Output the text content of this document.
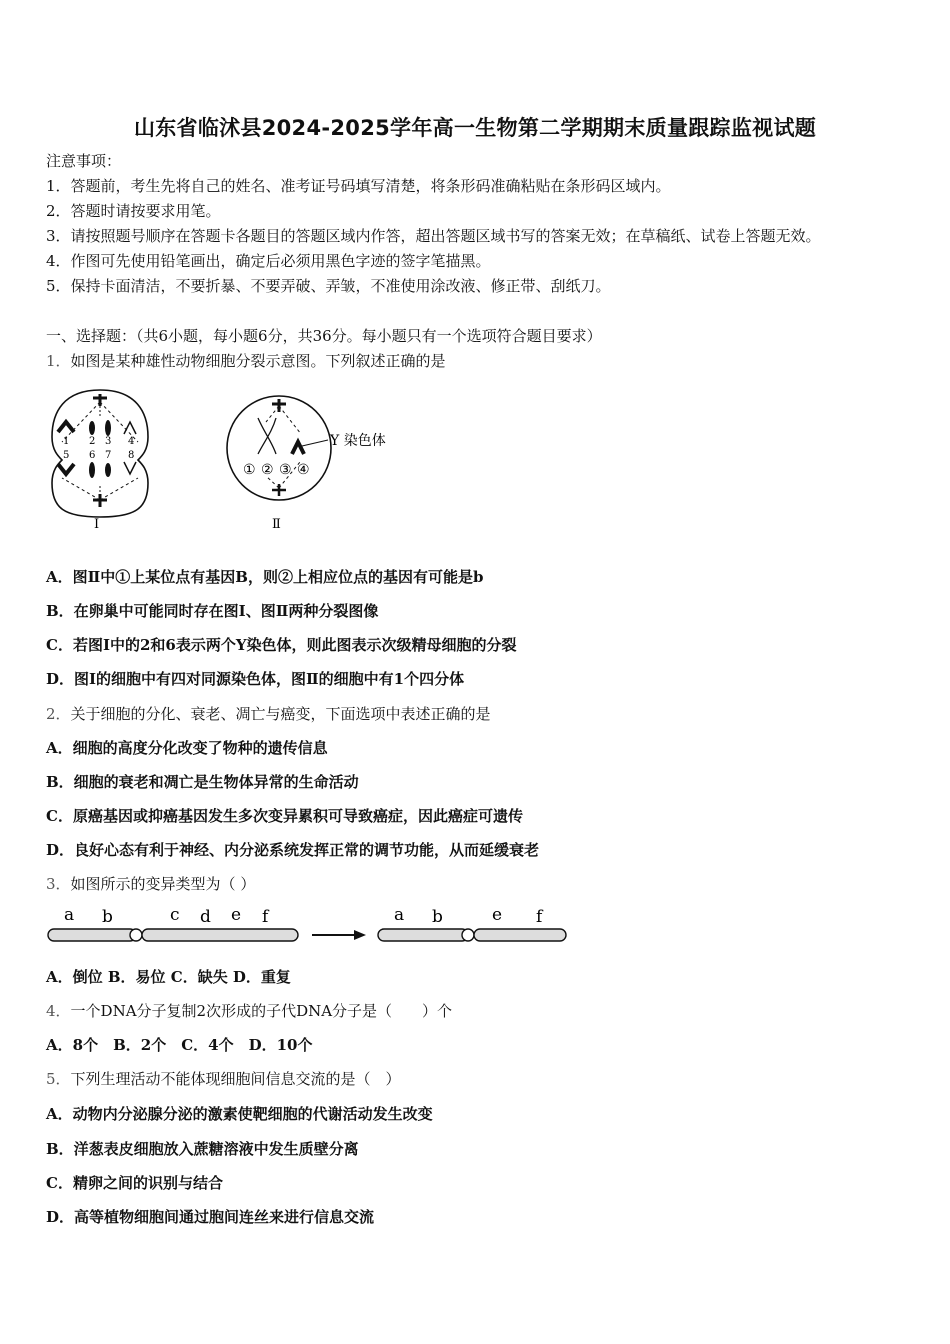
山东省临沭县2024-2025学年高一生物第二学期期末质量跟踪监视试题
注意事项：
1．答题前，考生先将自己的姓名、准考证号码填写清楚，将条形码准确粘贴在条形码区域内。
2．答题时请按要求用笔。
3．请按照题号顺序在答题卡各题目的答题区域内作答，超出答题区域书写的答案无效；在草稿纸、试卷上答题无效。
4．作图可先使用铅笔画出，确定后必须用黑色字迹的签字笔描黑。
5．保持卡面清洁，不要折暴、不要弄破、弄皱，不准使用涂改液、修正带、刮纸刀。
一、选择题：（共6小题，每小题6分，共36分。每小题只有一个选项符合题目要求）
1．如图是某种雄性动物细胞分裂示意图。下列叙述正确的是
1 2 3 4
5 6 7 8
Ⅰ
Y 染色体
① ② ③ ④
Ⅱ
A．图Ⅱ中①上某位点有基因B，则②上相应位点的基因有可能是b
B．在卵巢中可能同时存在图Ⅰ、图Ⅱ两种分裂图像
C．若图Ⅰ中的2和6表示两个Y染色体，则此图表示次级精母细胞的分裂
D．图Ⅰ的细胞中有四对同源染色体，图Ⅱ的细胞中有1个四分体
2．关于细胞的分化、衰老、凋亡与癌变，下面选项中表述正确的是
A．细胞的高度分化改变了物种的遗传信息
B．细胞的衰老和凋亡是生物体异常的生命活动
C．原癌基因或抑癌基因发生多次变异累积可导致癌症，因此癌症可遗传
D．良好心态有利于神经、内分泌系统发挥正常的调节功能，从而延缓衰老
3．如图所示的变异类型为（ ）
a b	c d e f	a b	e f
A．倒位 B．易位 C．缺失 D．重复
4．一个DNA分子复制2次形成的子代DNA分子是（　　）个
A．8个　B．2个　C．4个　D．10个
5．下列生理活动不能体现细胞间信息交流的是（　）
A．动物内分泌腺分泌的激素使靶细胞的代谢活动发生改变
B．洋葱表皮细胞放入蔗糖溶液中发生质壁分离
C．精卵之间的识别与结合
D．高等植物细胞间通过胞间连丝来进行信息交流
